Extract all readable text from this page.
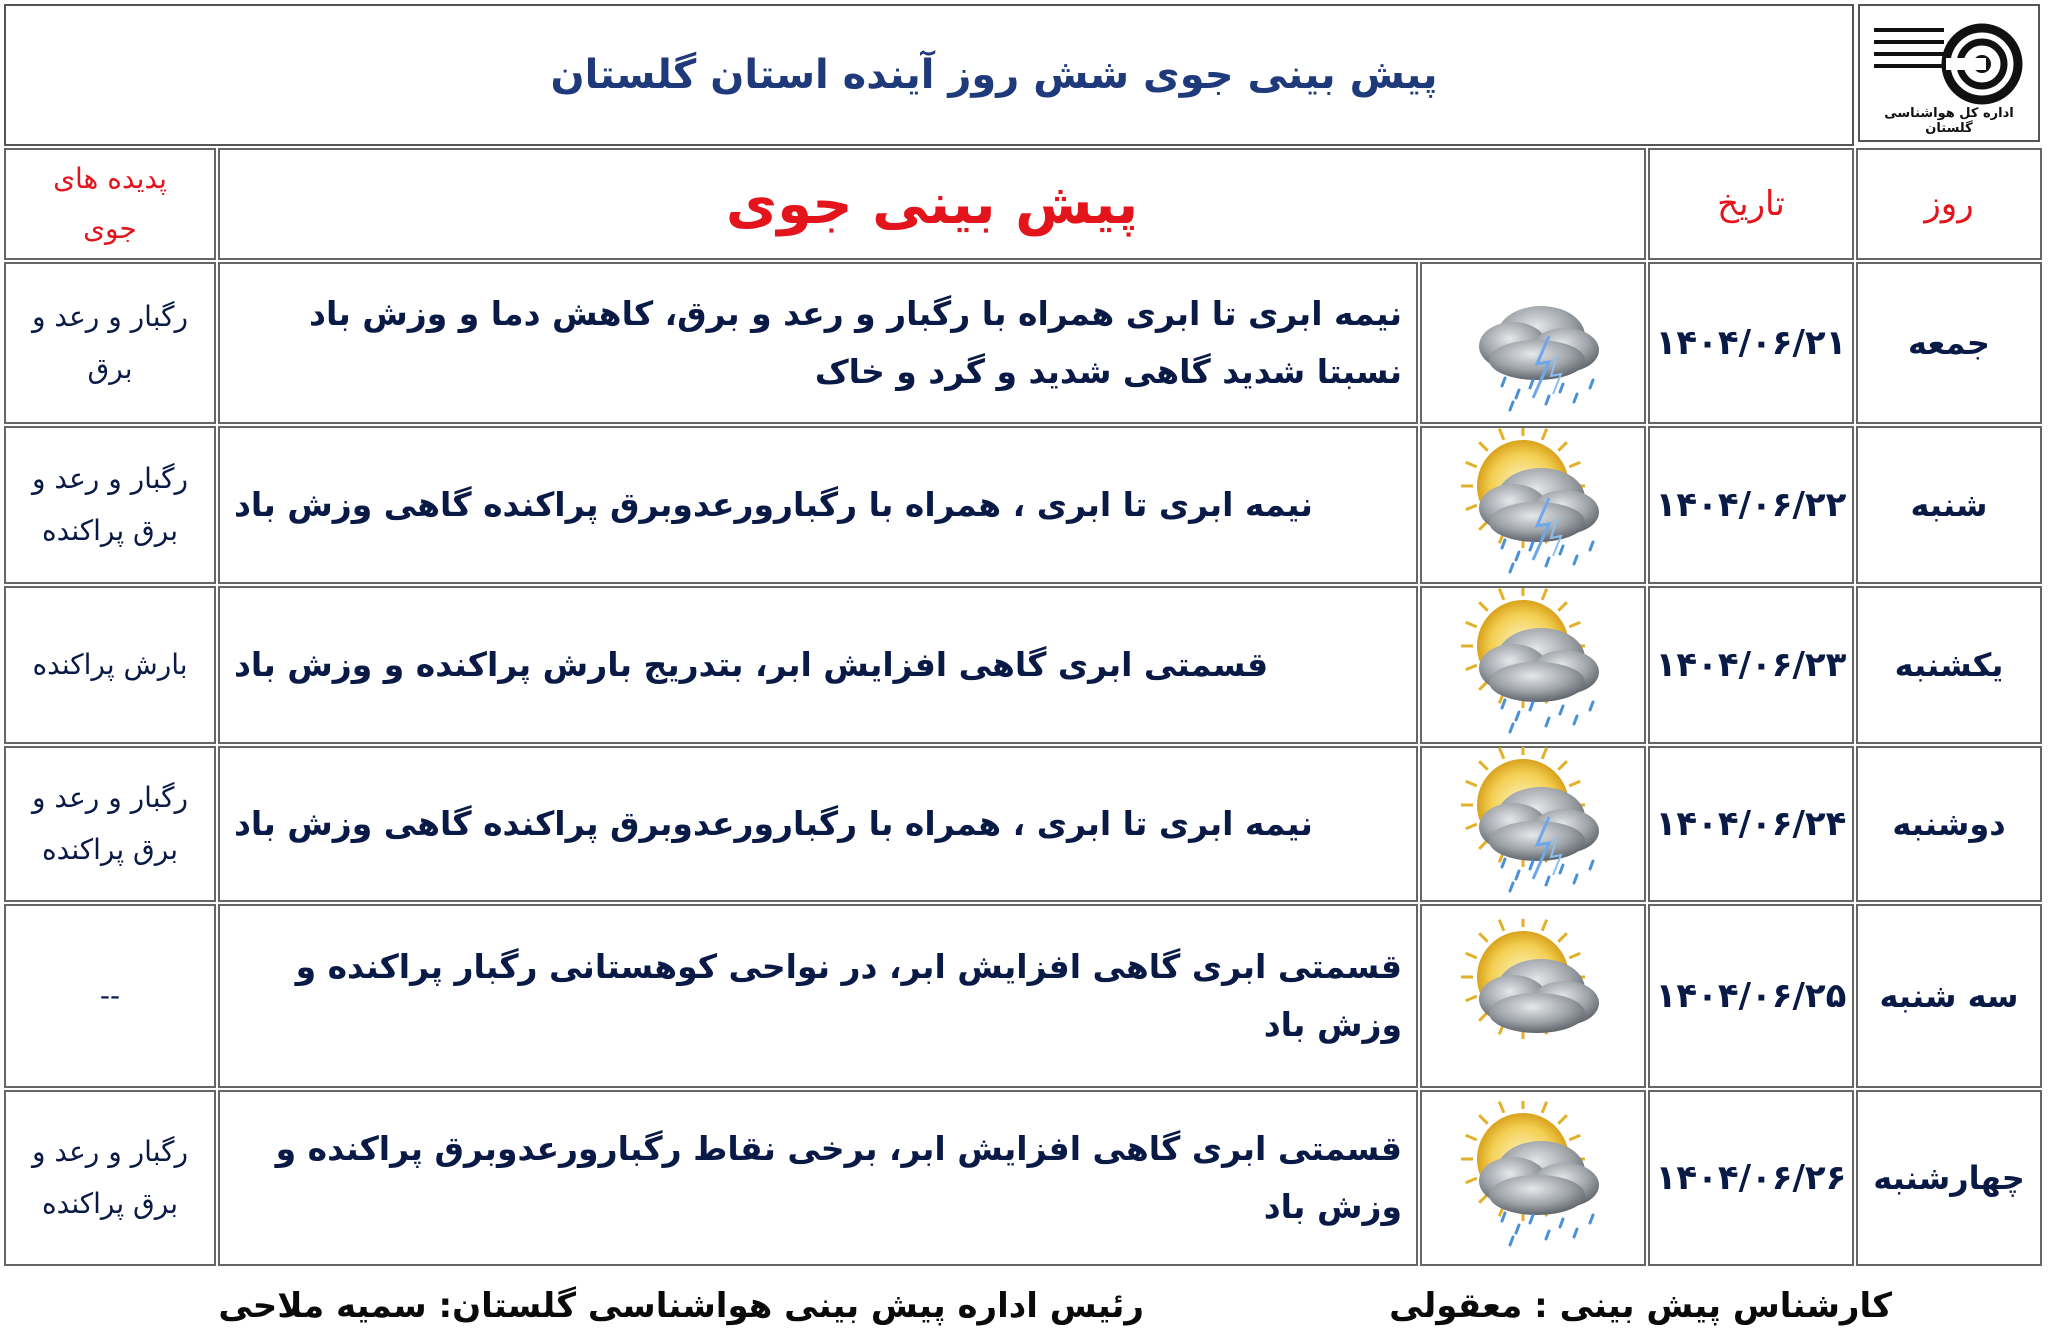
پیش بینی جوی شش روز آینده استان گلستان
اداره کل هواشناسی گلستان
روز
تاریخ
پیش بینی جوی
پدیده های
جوی
جمعه
۱۴۰۴/۰۶/۲۱
نیمه ابری تا ابری همراه با رگبار و رعد و برق، کاهش دما و وزش باد نسبتا شدید گاهی شدید و گرد و خاک
رگبار و رعد و
برق
شنبه
۱۴۰۴/۰۶/۲۲
نیمه ابری تا ابری ، همراه با رگبارورعدوبرق پراکنده گاهی وزش باد
رگبار و رعد و
برق پراکنده
یکشنبه
۱۴۰۴/۰۶/۲۳
قسمتی ابری گاهی افزایش ابر، بتدریج بارش پراکنده و وزش باد
بارش پراکنده
دوشنبه
۱۴۰۴/۰۶/۲۴
نیمه ابری تا ابری ، همراه با رگبارورعدوبرق پراکنده گاهی وزش باد
رگبار و رعد و
برق پراکنده
سه شنبه
۱۴۰۴/۰۶/۲۵
قسمتی ابری گاهی افزایش ابر، در نواحی کوهستانی رگبار پراکنده و وزش باد
--
چهارشنبه
۱۴۰۴/۰۶/۲۶
قسمتی ابری گاهی افزایش ابر، برخی نقاط رگبارورعدوبرق پراکنده و وزش باد
رگبار و رعد و
برق پراکنده
کارشناس پیش بینی : معقولی
رئیس اداره پیش بینی هواشناسی گلستان: سمیه ملاحی
